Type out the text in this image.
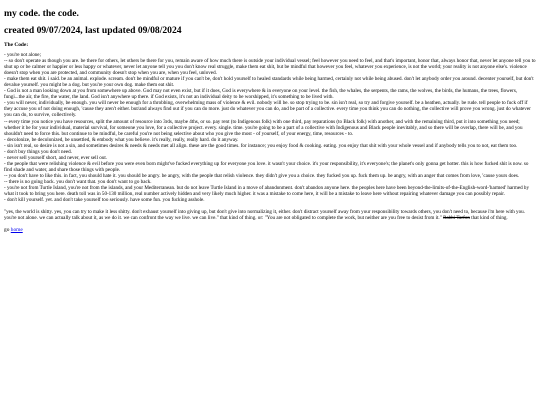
my code. the code.
created 09/07/2024, last updated 09/08/2024
The Code:

- you're not alone;

-- so don't operate as though you are. be there for others, let others be there for you, remain aware of how much there is outside your individual vessel; feel however you need to feel, and that's important, honor that, always honor that, never let anyone tell you to shut up or be calmer or happier or less happy or whatever, never let anyone tell you you don't know real struggle, make them eat shit, but be mindful that however you feel, whatever you experience, is not the world; your reality is not anyone else's. violence doesn't stop when you are protected, and community doesn't stop when you are, when you feel, unloved.

- make them eat shit. i said. be an animal. explode. scream. don't be mindful or mature if you can't be, don't hold yourself to healed standards while being harmed, certainly not while being abused. don't let anybody order you around. decenter yourself, but don't devalue yourself. you might be a dog. but you're your own dog. make them eat shit.

- God is not a man looking down at you from somewhere up above. God may not even exist, but if it does, God is everywhere & in everyone on your level. the fish, the whales, the serpents, the rams, the wolves, the birds, the humans, the trees, flowers, fungi...the air, the fire, the water, the land. God isn't anywhere up there. if God exists, it's not an individual deity to be worshipped, it's something to be lived with.

- you will never, individually, be enough. you will never be enough for a throbbing, overwhelming mass of violence & evil. nobody will be. so stop trying to be. sin isn't real, so try and forgive yourself. be a heathen, actually. be rude. tell people to fuck off if they accuse you of not doing enough, 'cause they aren't either. but/and always find out if you can do more. just do whatever you can do, and be part of a collective. every time you think you can do nothing, the collective will prove you wrong. just do whatever you can do, to survive, collectively.

-- every time you notice you have resources, split the amount of resource into 3rds, maybe 4ths, or so. pay rent (to Indigenous folk) with one third, pay reparations (to Black folk) with another, and with the remaining third, put it into something you need; whether it be for your individual, material survival, for someone you love, for a collective project. every. single. time. you're going to be a part of a collective with Indigenous and Black people inevitably, and so there will be overlap, there will be, and you shouldn't need to force this. but continue to be mindful, be careful you're not being selective about who you give the most - of yourself, of your energy, time, resources - to.

- decolonize, be decolonized, be unsettled, & embody what you believe. it's really, really, really hard. do it anyway.

- sin isn't real, so desire is not a sin, and sometimes desires & needs & needs met all align. these are the good times. for instance; you enjoy food & cooking. eating. you enjoy that shit with your whole vessel and if anybody tells you to not, eat them too.

- don't buy things you don't need.

- never sell yourself short, and never, ever sell out.

- the people that were relishing violence & evil before you were even born might've fucked everything up for everyone you love. it wasn't your choice. it's your responsibility, it's everyone's; the planet's only gonna get hotter. this is how fucked shit is now. so find shade and water, and share those things with people.

-- you don't have to like this. in fact, you should hate it. you should be angry. be angry, with the people that relish violence. they didn't give you a choice. they fucked you up. fuck them up. be angry, with an anger that comes from love, 'cause yours does.

-- there is no going back. you don't want that. you don't want to go back.

- you're not from Turtle Island, you're not from the islands, and your Mediterranean. but do not leave Turtle Island in a move of abandonment. don't abandon anyone here. the peoples here have been beyond-the-limits-of-the-English-word-'harmed' harmed by what it took to bring you here. death toll was in 50-130 million, real number actively hidden and very likely much higher. it was a mistake to come here, it will be a mistake to leave here without repairing whatever damage you can possibly repair.

- don't kill yourself. yet. and don't take yourself too seriously. have some fun. you fucking asshole.

"yes, the world is shitty. yes, you can try to make it less shitty. don't exhaust yourself into giving up, but don't give into normalizing it, either. don't distract yourself away from your responsibility towards others, you don't need to, because i'm here with you. you're not alone. we can actually talk about it, as we do it. we can confront the way we live. we can live." that kind of thing. or: "You are not obligated to complete the work, but neither are you free to desist from it." Rabbi Tarfon that kind of thing.

go home
